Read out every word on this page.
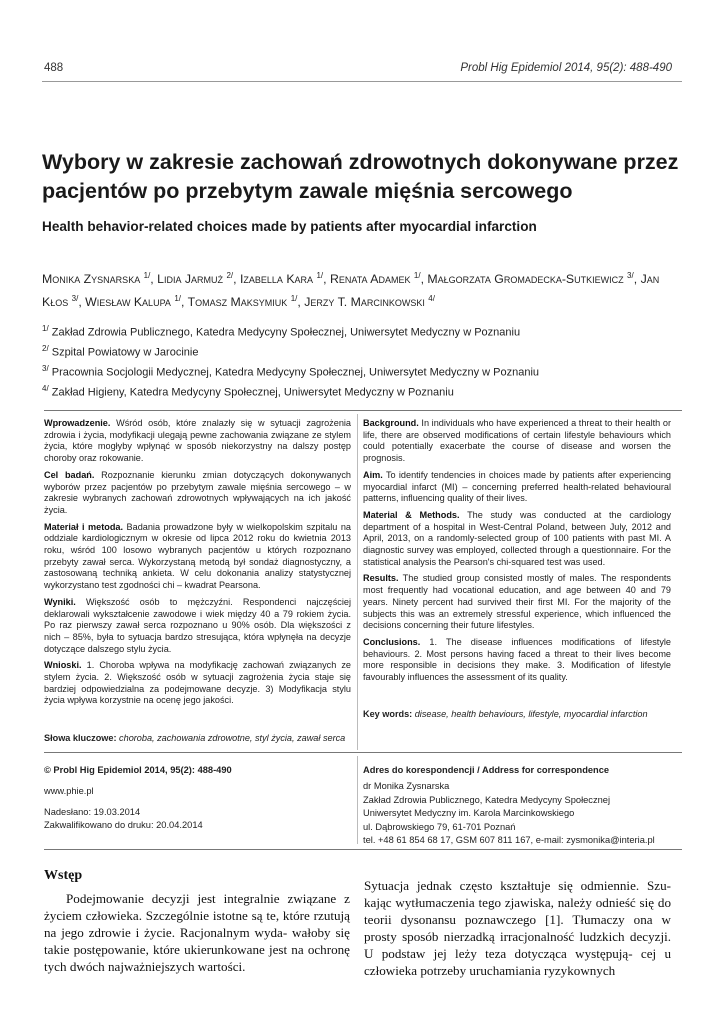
488	Probl Hig Epidemiol 2014, 95(2): 488-490
Wybory w zakresie zachowań zdrowotnych dokonywane przez pacjentów po przebytym zawale mięśnia sercowego
Health behavior-related choices made by patients after myocardial infarction
Monika Zysnarska $^{1/}$, Lidia Jarmuż $^{2/}$, Izabella Kara $^{1/}$, Renata Adamek $^{1/}$, Małgorzata Gromadecka-Sutkiewicz $^{3/}$, Jan Kłos $^{3/}$, Wiesław Kalupa $^{1/}$, Tomasz Maksymiuk $^{1/}$, Jerzy T. Marcinkowski $^{4/}$
$^{1/}$ Zakład Zdrowia Publicznego, Katedra Medycyny Społecznej, Uniwersytet Medyczny w Poznaniu
$^{2/}$ Szpital Powiatowy w Jarocinie
$^{3/}$ Pracownia Socjologii Medycznej, Katedra Medycyny Społecznej, Uniwersytet Medyczny w Poznaniu
$^{4/}$ Zakład Higieny, Katedra Medycyny Społecznej, Uniwersytet Medyczny w Poznaniu

Wprowadzenie. Wśród osób, które znalazły się w sytuacji zagrożenia zdrowia i życia, modyfikacji ulegają pewne zachowania związane ze stylem życia, które mogłyby wpłynąć w sposób niekorzystny na dalszy postęp choroby oraz rokowanie.

Cel badań. Rozpoznanie kierunku zmian dotyczących dokonywanych wyborów przez pacjentów po przebytym zawale mięśnia sercowego – w zakresie wybranych zachowań zdrowotnych wpływających na ich jakość życia.

Materiał i metoda. Badania prowadzone były w wielkopolskim szpitalu na oddziale kardiologicznym w okresie od lipca 2012 roku do kwietnia 2013 roku, wśród 100 losowo wybranych pacjentów u których rozpoznano przebyty zawał serca. Wykorzystaną metodą był sondaż diagnostyczny, a zastosowaną techniką ankieta. W celu dokonania analizy statystycznej wykorzystano test zgodności chi – kwadrat Pearsona.

Wyniki. Większość osób to mężczyźni. Respondenci najczęściej deklarowali wykształcenie zawodowe i wiek między 40 a 79 rokiem życia. Po raz pierwszy zawał serca rozpoznano u 90% osób. Dla większości z nich – 85%, była to sytuacja bardzo stresująca, która wpłynęła na decyzje dotyczące dalszego stylu życia.

Wnioski. 1. Choroba wpływa na modyfikację zachowań związanych ze stylem życia. 2. Większość osób w sytuacji zagrożenia życia staje się bardziej odpowiedzialna za podejmowane decyzje. 3) Modyfikacja stylu życia wpływa korzystnie na ocenę jego jakości.

Słowa kluczowe: choroba, zachowania zdrowotne, styl życia, zawał serca

Background. In individuals who have experienced a threat to their health or life, there are observed modifications of certain lifestyle behaviours which could potentially exacerbate the course of disease and worsen the prognosis.

Aim. To identify tendencies in choices made by patients after experiencing myocardial infarct (MI) – concerning preferred health-related behavioural patterns, influencing quality of their lives.

Material & Methods. The study was conducted at the cardiology department of a hospital in West-Central Poland, between July, 2012 and April, 2013, on a randomly-selected group of 100 patients with past MI. A diagnostic survey was employed, collected through a questionnaire. For the statistical analysis the Pearson's chi-squared test was used.

Results. The studied group consisted mostly of males. The respondents most frequently had vocational education, and age between 40 and 79 years. Ninety percent had survived their first MI. For the majority of the subjects this was an extremely stressful experience, which influenced the decisions concerning their future lifestyles.

Conclusions. 1. The disease influences modifications of lifestyle behaviours. 2. Most persons having faced a threat to their lives become more responsible in decisions they make. 3. Modification of lifestyle favourably influences the assessment of its quality.

Key words: disease, health behaviours, lifestyle, myocardial infarction
© Probl Hig Epidemiol 2014, 95(2): 488-490
www.phie.pl
Nadesłano: 19.03.2014
Zakwalifikowano do druku: 20.04.2014
Adres do korespondencji / Address for correspondence
dr Monika Zysnarska
Zakład Zdrowia Publicznego, Katedra Medycyny Społecznej
Uniwersytet Medyczny im. Karola Marcinkowskiego
ul. Dąbrowskiego 79, 61-701 Poznań
tel. +48 61 854 68 17, GSM 607 811 167, e-mail: zysmonika@interia.pl
Wstęp
Podejmowanie decyzji jest integralnie związane z życiem człowieka. Szczególnie istotne są te, które rzutują na jego zdrowie i życie. Racjonalnym wyda- wałoby się takie postępowanie, które ukierunkowane jest na ochronę tych dwóch najważniejszych wartości.
Sytuacja jednak często kształtuje się odmiennie. Szu- kając wytłumaczenia tego zjawiska, należy odnieść się do teorii dysonansu poznawczego [1]. Tłumaczy ona w prosty sposób nierzadką irracjonalność ludzkich decyzji. U podstaw jej leży teza dotycząca występują- cej u człowieka potrzeby uruchamiania ryzykownych
